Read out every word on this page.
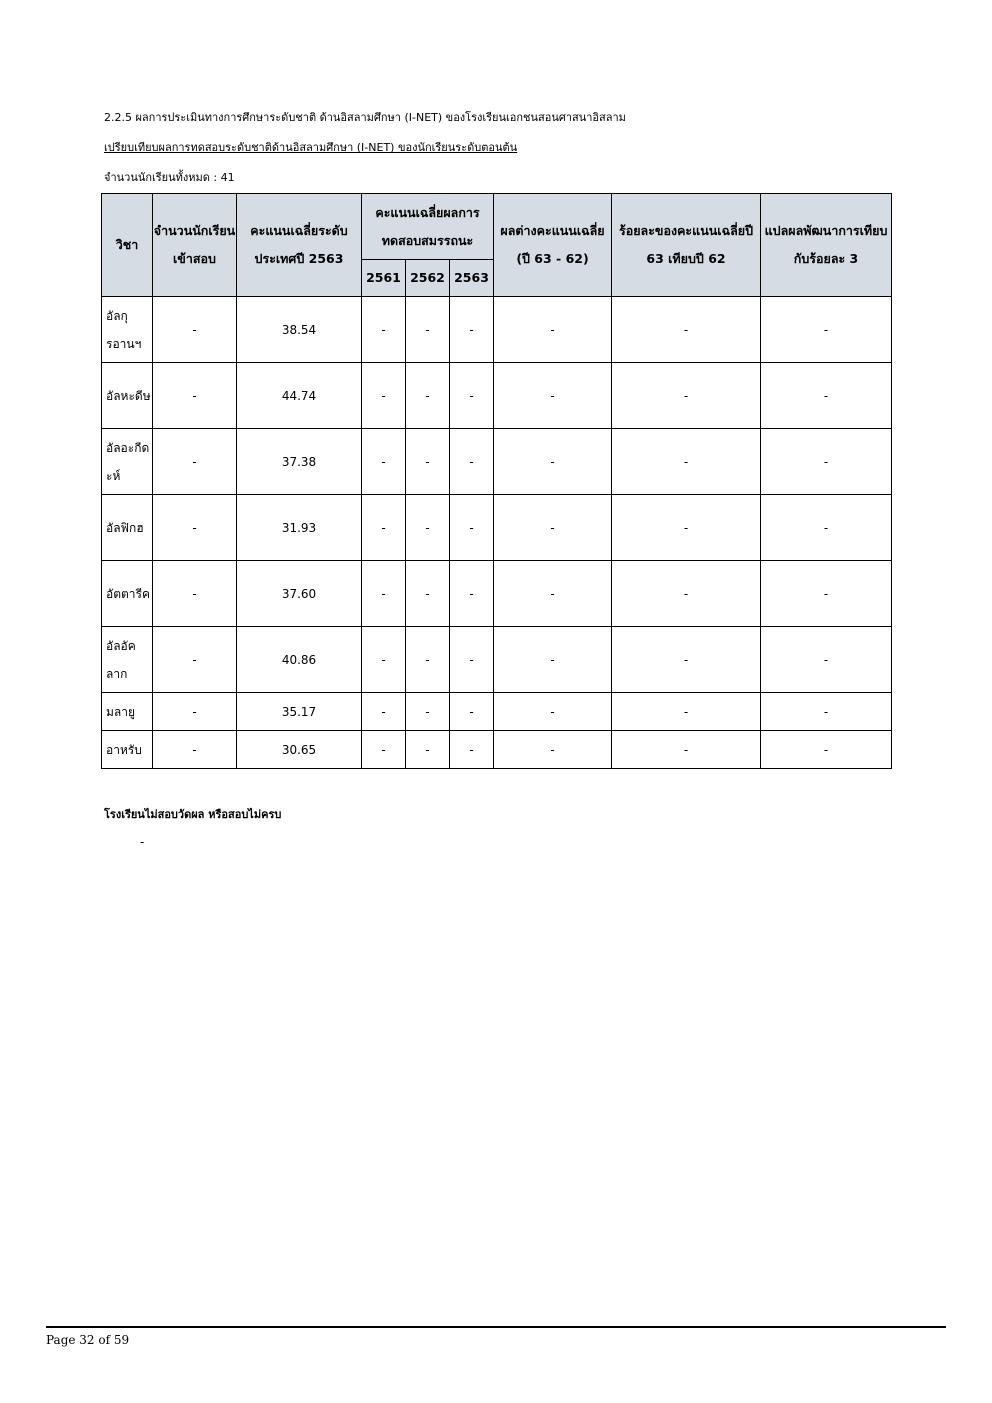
2.2.5 ผลการประเมินทางการศึกษาระดับชาติ ด้านอิสลามศึกษา (I-NET) ของโรงเรียนเอกชนสอนศาสนาอิสลาม
เปรียบเทียบผลการทดสอบระดับชาติด้านอิสลามศึกษา (I-NET) ของนักเรียนระดับตอนต้น
จำนวนนักเรียนทั้งหมด : 41
วิชา	จำนวนนักเรียนเข้าสอบ	คะแนนเฉลี่ยระดับประเทศปี 2563	คะแนนเฉลี่ยผลการทดสอบสมรรถนะ			ผลต่างคะแนนเฉลี่ย (ปี 63 - 62)	ร้อยละของคะแนนเฉลี่ยปี 63 เทียบปี 62	แปลผลพัฒนาการเทียบกับร้อยละ 3
			2561	2562	2563			
อัลกุรอานฯ	-	38.54	-	-	-	-	-	-
อัลหะดีษ	-	44.74	-	-	-	-	-	-
อัลอะกีดะห์	-	37.38	-	-	-	-	-	-
อัลฟิกฮ	-	31.93	-	-	-	-	-	-
อัตตารีค	-	37.60	-	-	-	-	-	-
อัลอัคลาก	-	40.86	-	-	-	-	-	-
มลายู	-	35.17	-	-	-	-	-	-
อาหรับ	-	30.65	-	-	-	-	-	-
โรงเรียนไม่สอบวัดผล หรือสอบไม่ครบ
-
Page 32 of 59
